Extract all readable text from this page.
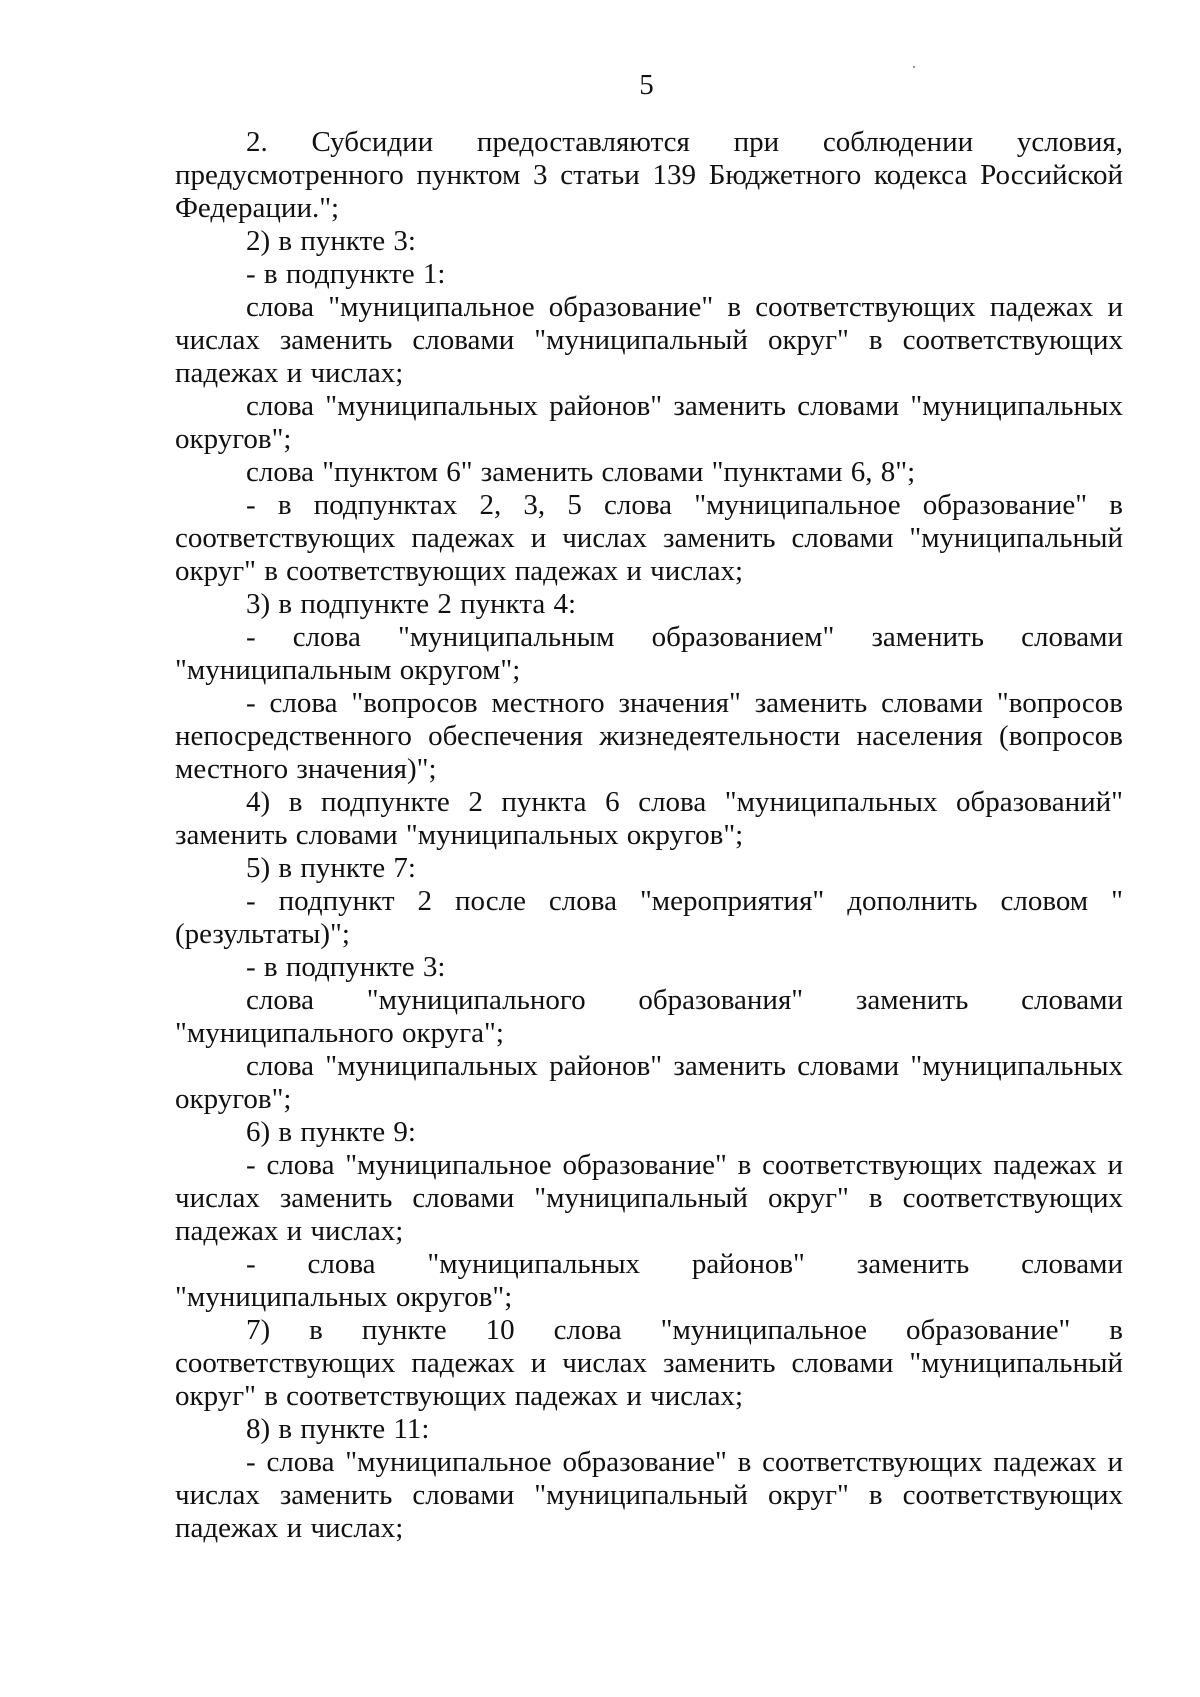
5

2. Субсидии предоставляются при соблюдении условия, предусмотренного пунктом 3 статьи 139 Бюджетного кодекса Российской Федерации.";

2) в пункте 3:

- в подпункте 1:

слова "муниципальное образование" в соответствующих падежах и числах заменить словами "муниципальный округ" в соответствующих падежах и числах;

слова "муниципальных районов" заменить словами "муниципальных округов";

слова "пунктом 6" заменить словами "пунктами 6, 8";

- в подпунктах 2, 3, 5 слова "муниципальное образование" в соответствующих падежах и числах заменить словами "муниципальный округ" в соответствующих падежах и числах;

3) в подпункте 2 пункта 4:

- слова "муниципальным образованием" заменить словами "муниципальным округом";

- слова "вопросов местного значения" заменить словами "вопросов непосредственного обеспечения жизнедеятельности населения (вопросов местного значения)";

4) в подпункте 2 пункта 6 слова "муниципальных образований" заменить словами "муниципальных округов";

5) в пункте 7:

- подпункт 2 после слова "мероприятия" дополнить словом "(результаты)";

- в подпункте 3:

слова "муниципального образования" заменить словами "муниципального округа";

слова "муниципальных районов" заменить словами "муниципальных округов";

6) в пункте 9:

- слова "муниципальное образование" в соответствующих падежах и числах заменить словами "муниципальный округ" в соответствующих падежах и числах;

- слова "муниципальных районов" заменить словами "муниципальных округов";

7) в пункте 10 слова "муниципальное образование" в соответствующих падежах и числах заменить словами "муниципальный округ" в соответствующих падежах и числах;

8) в пункте 11:

- слова "муниципальное образование" в соответствующих падежах и числах заменить словами "муниципальный округ" в соответствующих падежах и числах;
